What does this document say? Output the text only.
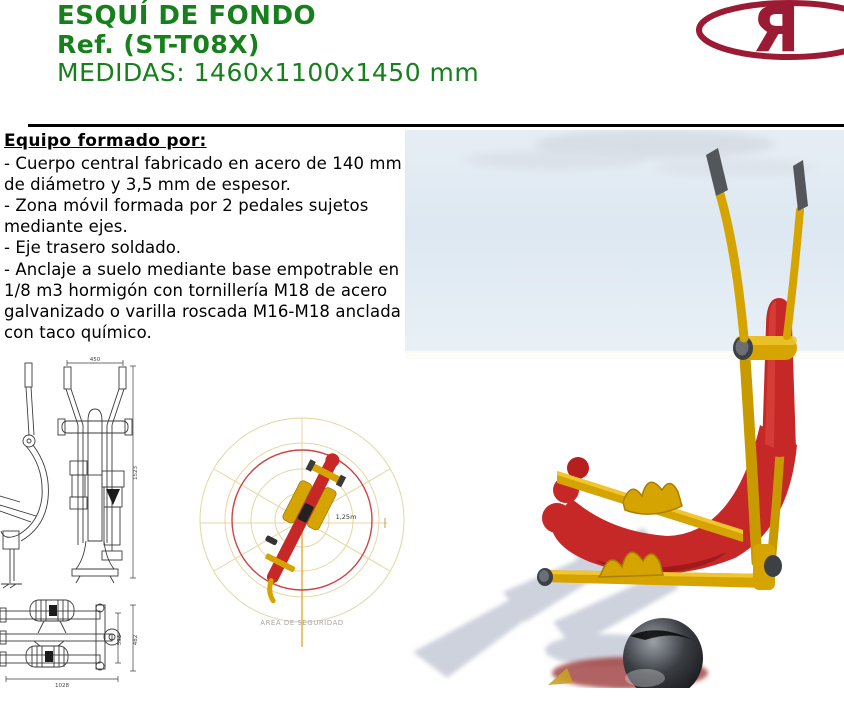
ESQUÍ DE FONDO
Ref. (ST-T08X)
MEDIDAS: 1460x1100x1450 mm
Я
Equipo formado por:

- Cuerpo central fabricado en acero de 140 mm de diámetro y 3,5 mm de espesor.

- Zona móvil formada por 2 pedales sujetos mediante ejes.

- Eje trasero soldado.

- Anclaje a suelo mediante base empotrable en 1/8 m3 hormigón con tornillería M18 de acero galvanizado o varilla roscada M16-M18 anclada con taco químico.

450
1523
536 482
1028
1,25m
AREA DE SEGURIDAD
